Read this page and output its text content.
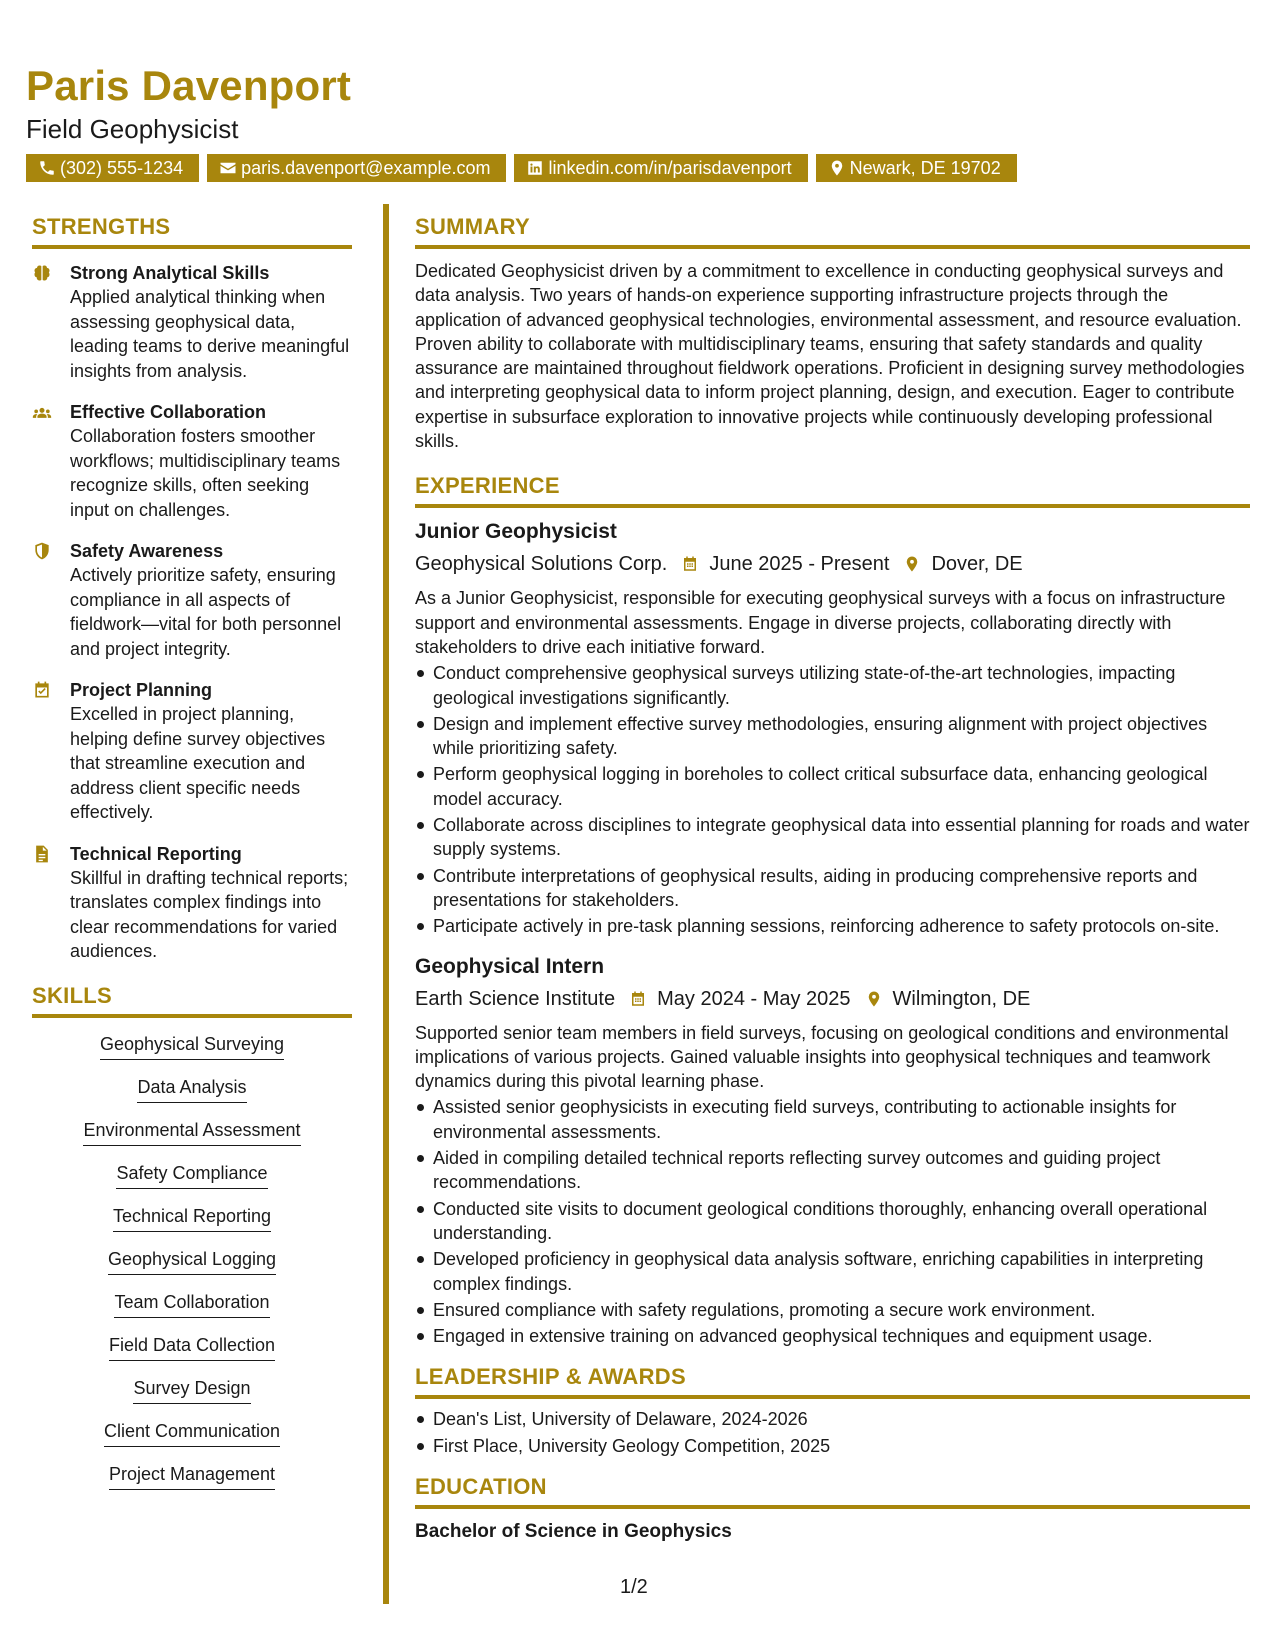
Paris Davenport
Field Geophysicist
(302) 555-1234	paris.davenport@example.com	linkedin.com/in/parisdavenport	Newark, DE 19702
STRENGTHS
Strong Analytical Skills
Applied analytical thinking when assessing geophysical data, leading teams to derive meaningful insights from analysis.
Effective Collaboration
Collaboration fosters smoother workflows; multidisciplinary teams recognize skills, often seeking input on challenges.
Safety Awareness
Actively prioritize safety, ensuring compliance in all aspects of fieldwork—vital for both personnel and project integrity.
Project Planning
Excelled in project planning, helping define survey objectives that streamline execution and address client specific needs effectively.
Technical Reporting
Skillful in drafting technical reports; translates complex findings into clear recommendations for varied audiences.
SKILLS
Geophysical Surveying
Data Analysis
Environmental Assessment
Safety Compliance
Technical Reporting
Geophysical Logging
Team Collaboration
Field Data Collection
Survey Design
Client Communication
Project Management
SUMMARY
Dedicated Geophysicist driven by a commitment to excellence in conducting geophysical surveys and data analysis. Two years of hands-on experience supporting infrastructure projects through the application of advanced geophysical technologies, environmental assessment, and resource evaluation. Proven ability to collaborate with multidisciplinary teams, ensuring that safety standards and quality assurance are maintained throughout fieldwork operations. Proficient in designing survey methodologies and interpreting geophysical data to inform project planning, design, and execution. Eager to contribute expertise in subsurface exploration to innovative projects while continuously developing professional skills.
EXPERIENCE
Junior Geophysicist
Geophysical Solutions Corp. June 2025 - Present Dover, DE
As a Junior Geophysicist, responsible for executing geophysical surveys with a focus on infrastructure support and environmental assessments. Engage in diverse projects, collaborating directly with stakeholders to drive each initiative forward.
Conduct comprehensive geophysical surveys utilizing state-of-the-art technologies, impacting geological investigations significantly.
Design and implement effective survey methodologies, ensuring alignment with project objectives while prioritizing safety.
Perform geophysical logging in boreholes to collect critical subsurface data, enhancing geological model accuracy.
Collaborate across disciplines to integrate geophysical data into essential planning for roads and water supply systems.
Contribute interpretations of geophysical results, aiding in producing comprehensive reports and presentations for stakeholders.
Participate actively in pre-task planning sessions, reinforcing adherence to safety protocols on-site.
Geophysical Intern
Earth Science Institute May 2024 - May 2025 Wilmington, DE
Supported senior team members in field surveys, focusing on geological conditions and environmental implications of various projects. Gained valuable insights into geophysical techniques and teamwork dynamics during this pivotal learning phase.
Assisted senior geophysicists in executing field surveys, contributing to actionable insights for environmental assessments.
Aided in compiling detailed technical reports reflecting survey outcomes and guiding project recommendations.
Conducted site visits to document geological conditions thoroughly, enhancing overall operational understanding.
Developed proficiency in geophysical data analysis software, enriching capabilities in interpreting complex findings.
Ensured compliance with safety regulations, promoting a secure work environment.
Engaged in extensive training on advanced geophysical techniques and equipment usage.
LEADERSHIP & AWARDS
Dean's List, University of Delaware, 2024-2026
First Place, University Geology Competition, 2025
EDUCATION
Bachelor of Science in Geophysics
1/2
